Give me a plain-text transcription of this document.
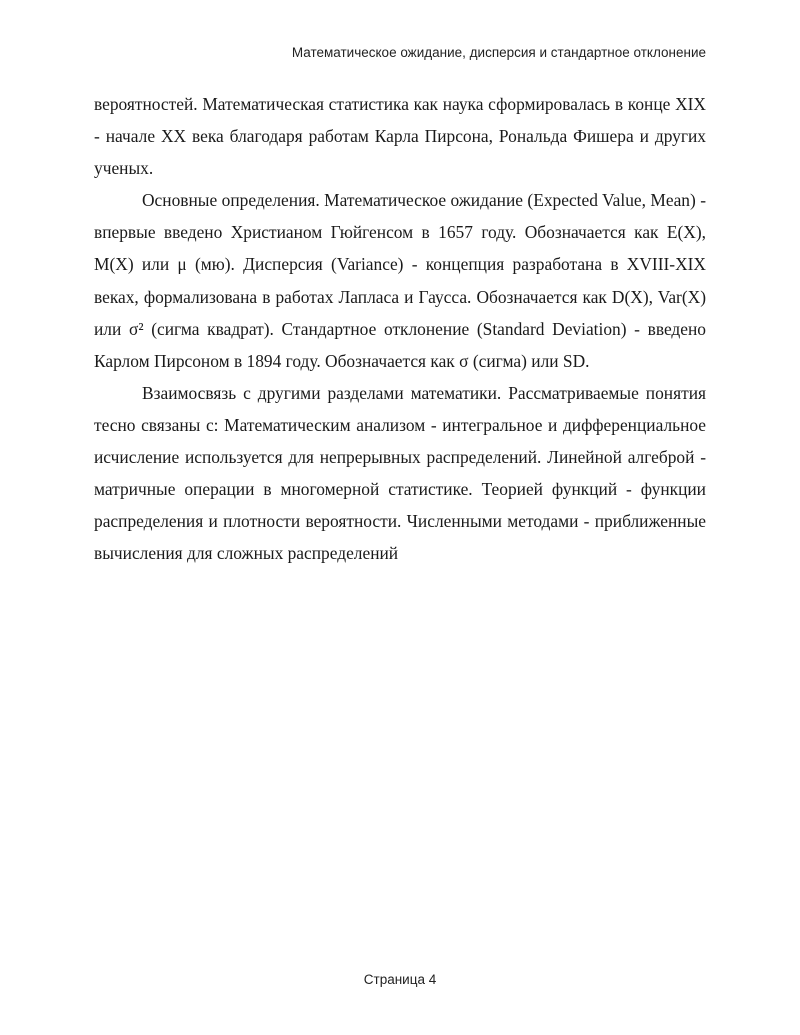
Математическое ожидание, дисперсия и стандартное отклонение

вероятностей. Математическая статистика как наука сформировалась в конце XIX - начале XX века благодаря работам Карла Пирсона, Рональда Фишера и других ученых.

Основные определения. Математическое ожидание (Expected Value, Mean) - впервые введено Христианом Гюйгенсом в 1657 году. Обозначается как E(X), M(X) или μ (мю). Дисперсия (Variance) - концепция разработана в XVIII-XIX веках, формализована в работах Лапласа и Гаусса. Обозначается как D(X), Var(X) или σ² (сигма квадрат). Стандартное отклонение (Standard Deviation) - введено Карлом Пирсоном в 1894 году. Обозначается как σ (сигма) или SD.

Взаимосвязь с другими разделами математики. Рассматриваемые понятия тесно связаны с: Математическим анализом - интегральное и дифференциальное исчисление используется для непрерывных распределений. Линейной алгеброй - матричные операции в многомерной статистике. Теорией функций - функции распределения и плотности вероятности. Численными методами - приближенные вычисления для сложных распределений

Страница 4
